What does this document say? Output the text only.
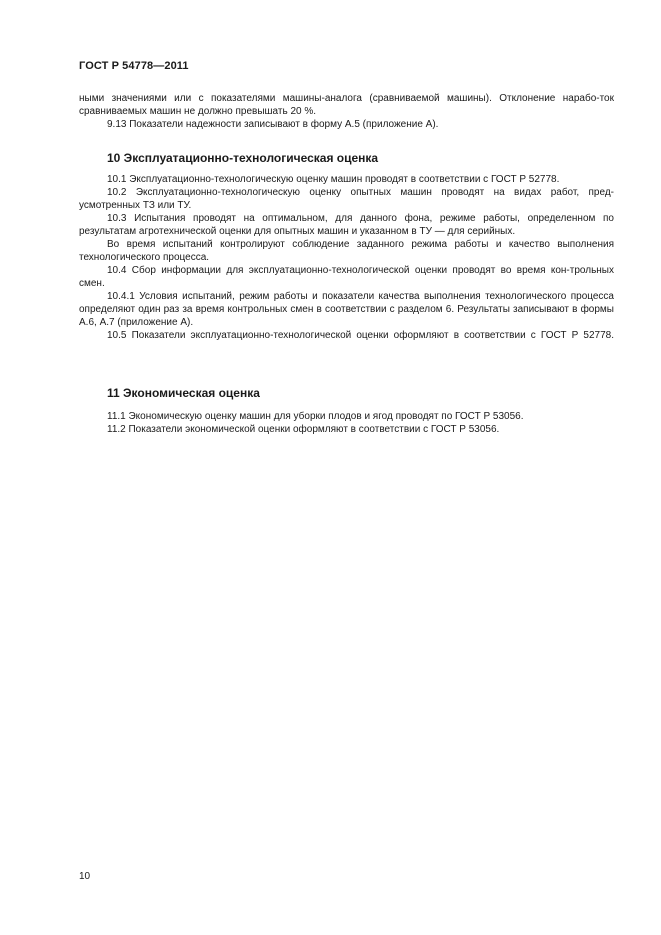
ГОСТ Р 54778—2011

ными значениями или с показателями машины-аналога (сравниваемой машины). Отклонение нарабо-ток сравниваемых машин не должно превышать 20 %.

9.13 Показатели надежности записывают в форму А.5 (приложение А).

10 Эксплуатационно-технологическая оценка

10.1 Эксплуатационно-технологическую оценку машин проводят в соответствии с ГОСТ Р 52778.

10.2 Эксплуатационно-технологическую оценку опытных машин проводят на видах работ, пред-усмотренных ТЗ или ТУ.

10.3 Испытания проводят на оптимальном, для данного фона, режиме работы, определенном по результатам агротехнической оценки для опытных машин и указанном в ТУ — для серийных.

Во время испытаний контролируют соблюдение заданного режима работы и качество выполнения технологического процесса.

10.4 Сбор информации для эксплуатационно-технологической оценки проводят во время кон-трольных смен.

10.4.1 Условия испытаний, режим работы и показатели качества выполнения технологического процесса определяют один раз за время контрольных смен в соответствии с разделом 6. Результаты записывают в формы А.6, А.7 (приложение А).

10.5 Показатели эксплуатационно-технологической оценки оформляют в соответствии с ГОСТ Р 52778.

11 Экономическая оценка

11.1 Экономическую оценку машин для уборки плодов и ягод проводят по ГОСТ Р 53056.

11.2 Показатели экономической оценки оформляют в соответствии с ГОСТ Р 53056.

10
